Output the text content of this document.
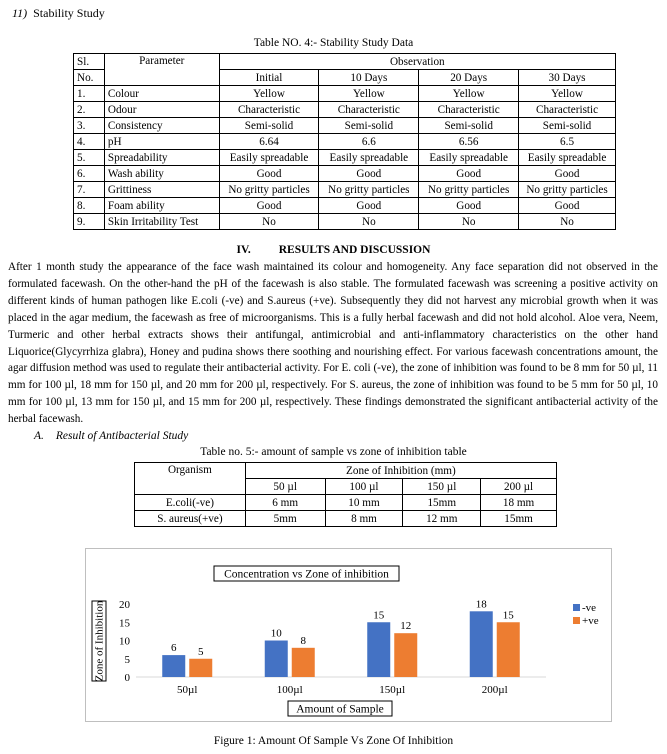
11) Stability Study
Table NO. 4:- Stability Study Data
Sl.	Parameter	Observation			
No.		Initial	10 Days	20 Days	30 Days
1.	Colour	Yellow	Yellow	Yellow	Yellow
2.	Odour	Characteristic	Characteristic	Characteristic	Characteristic
3.	Consistency	Semi-solid	Semi-solid	Semi-solid	Semi-solid
4.	pH	6.64	6.6	6.56	6.5
5.	Spreadability	Easily spreadable	Easily spreadable	Easily spreadable	Easily spreadable
6.	Wash ability	Good	Good	Good	Good
7.	Grittiness	No gritty particles	No gritty particles	No gritty particles	No gritty particles
8.	Foam ability	Good	Good	Good	Good
9.	Skin Irritability Test	No	No	No	No
IV. RESULTS AND DISCUSSION
After 1 month study the appearance of the face wash maintained its colour and homogeneity. Any face separation did not observed in the formulated facewash. On the other-hand the pH of the facewash is also stable. The formulated facewash was screening a positive activity on different kinds of human pathogen like E.coli (-ve) and S.aureus (+ve). Subsequently they did not harvest any microbial growth when it was placed in the agar medium, the facewash as free of microorganisms. This is a fully herbal facewash and did not hold alcohol. Aloe vera, Neem, Turmeric and other herbal extracts shows their antifungal, antimicrobial and anti-inflammatory characteristics on the other hand Liquorice(Glycyrrhiza glabra), Honey and pudina shows there soothing and nourishing effect. For various facewash concentrations amount, the agar diffusion method was used to regulate their antibacterial activity. For E. coli (-ve), the zone of inhibition was found to be 8 mm for 50 µl, 11 mm for 100 µl, 18 mm for 150 µl, and 20 mm for 200 µl, respectively. For S. aureus, the zone of inhibition was found to be 5 mm for 50 µl, 10 mm for 100 µl, 13 mm for 150 µl, and 15 mm for 200 µl, respectively. These findings demonstrated the significant antibacterial activity of the herbal facewash.
A. Result of Antibacterial Study
Table no. 5:- amount of sample vs zone of inhibition table
Organism	Zone of Inhibition (mm)			
	50 µl	100 µl	150 µl	200 µl
E.coli(-ve)	6 mm	10 mm	15mm	18 mm
S. aureus(+ve)	5mm	8 mm	12 mm	15mm
Concentration vs Zone of inhibition
Zone of Inhibition 0
5
10
15
20
6 5
50µl
10
8
100µl
15
12
150µl
18
15
200µl
Amount of Sample
-ve
+ve
Figure 1: Amount Of Sample Vs Zone Of Inhibition
